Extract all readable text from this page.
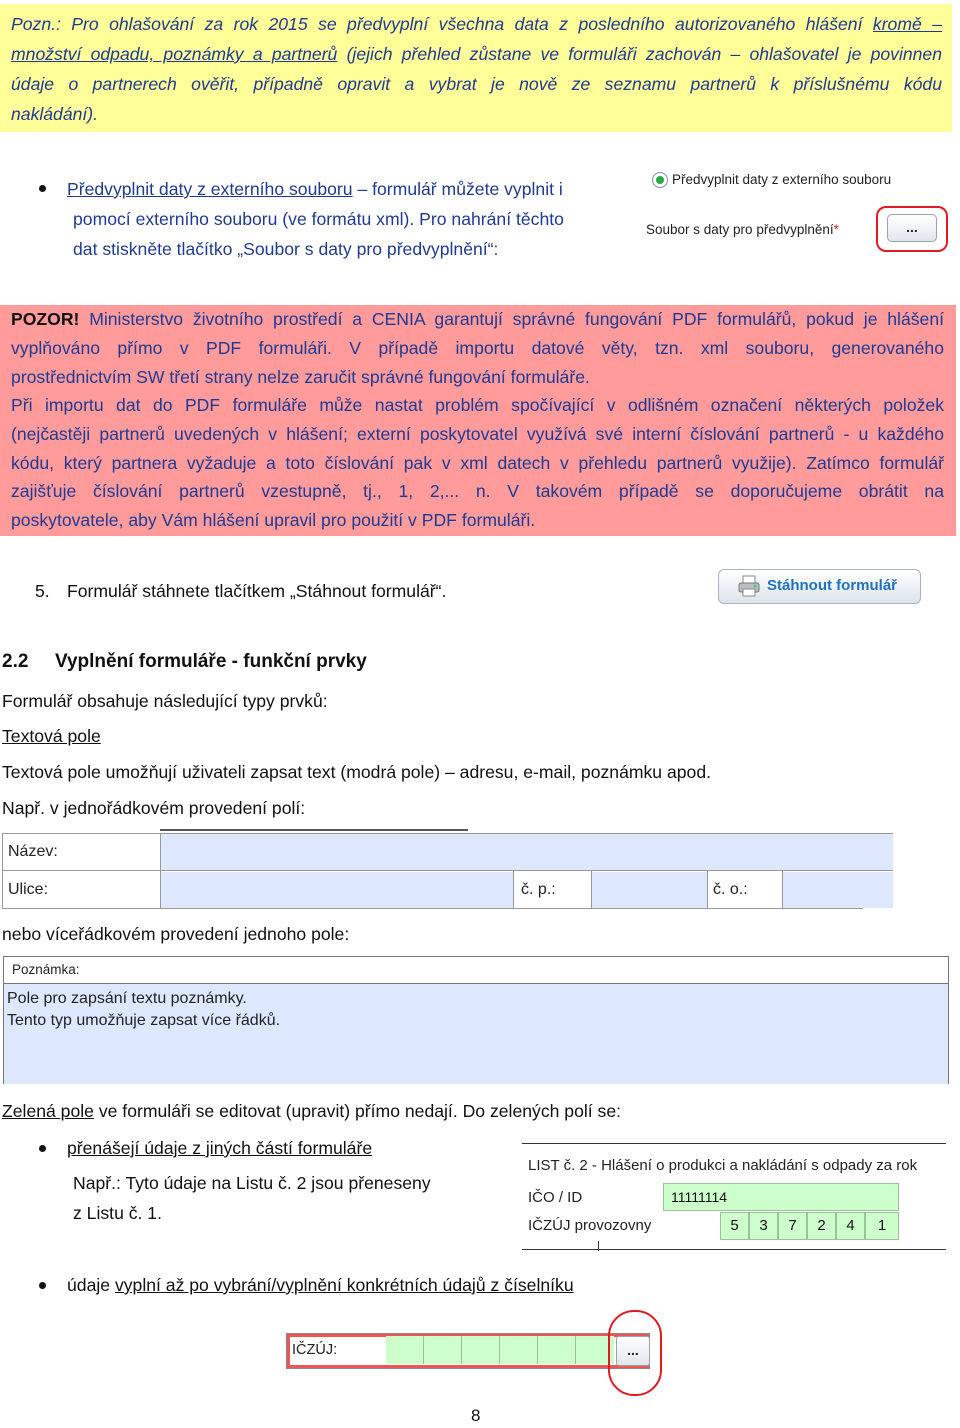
Pozn.: Pro ohlašování za rok 2015 se předvyplní všechna data z posledního autorizovaného hlášení kromě –
množství odpadu, poznámky a partnerů (jejich přehled zůstane ve formuláři zachován – ohlašovatel je povinnen
údaje o partnerech ověřit, případně opravit a vybrat je nově ze seznamu partnerů k příslušnému kódu
nakládání).
Předvyplnit daty z externího souboru – formulář můžete vyplnit i
pomocí externího souboru (ve formátu xml). Pro nahrání těchto
dat stiskněte tlačítko „Soubor s daty pro předvyplnění“:
Předvyplnit daty z externího souboru
Soubor s daty pro předvyplnění*	...
POZOR! Ministerstvo životního prostředí a CENIA garantují správné fungování PDF formulářů, pokud je hlášení
vyplňováno přímo v PDF formuláři. V případě importu datové věty, tzn. xml souboru, generovaného
prostřednictvím SW třetí strany nelze zaručit správné fungování formuláře.
Při importu dat do PDF formuláře může nastat problém spočívající v odlišném označení některých položek
(nejčastěji partnerů uvedených v hlášení; externí poskytovatel využívá své interní číslování partnerů - u každého
kódu, který partnera vyžaduje a toto číslování pak v xml datech v přehledu partnerů využije). Zatímco formulář
zajišťuje číslování partnerů vzestupně, tj., 1, 2,... n. V takovém případě se doporučujeme obrátit na
poskytovatele, aby Vám hlášení upravil pro použití v PDF formuláři.
5. Formulář stáhnete tlačítkem „Stáhnout formulář“.	Stáhnout formulář
2.2 Vyplnění formuláře - funkční prvky
Formulář obsahuje následující typy prvků:
Textová pole
Textová pole umožňují uživateli zapsat text (modrá pole) – adresu, e-mail, poznámku apod.
Např. v jednořádkovém provedení polí:
Název:
Ulice:	č. p.:	č. o.:
nebo víceřádkovém provedení jednoho pole:
Poznámka:
Pole pro zapsání textu poznámky.
Tento typ umožňuje zapsat více řádků.
Zelená pole ve formuláři se editovat (upravit) přímo nedají. Do zelených polí se:
přenášejí údaje z jiných částí formuláře
Např.: Tyto údaje na Listu č. 2 jsou přeneseny
z Listu č. 1.
LIST č. 2 - Hlášení o produkci a nakládání s odpady za rok
IČO / ID	11111114
IČZÚJ provozovny	5	3	7	2	4	1
údaje vyplní až po vybrání/vyplnění konkrétních údajů z číselníku
IČZÚJ:	...
8
